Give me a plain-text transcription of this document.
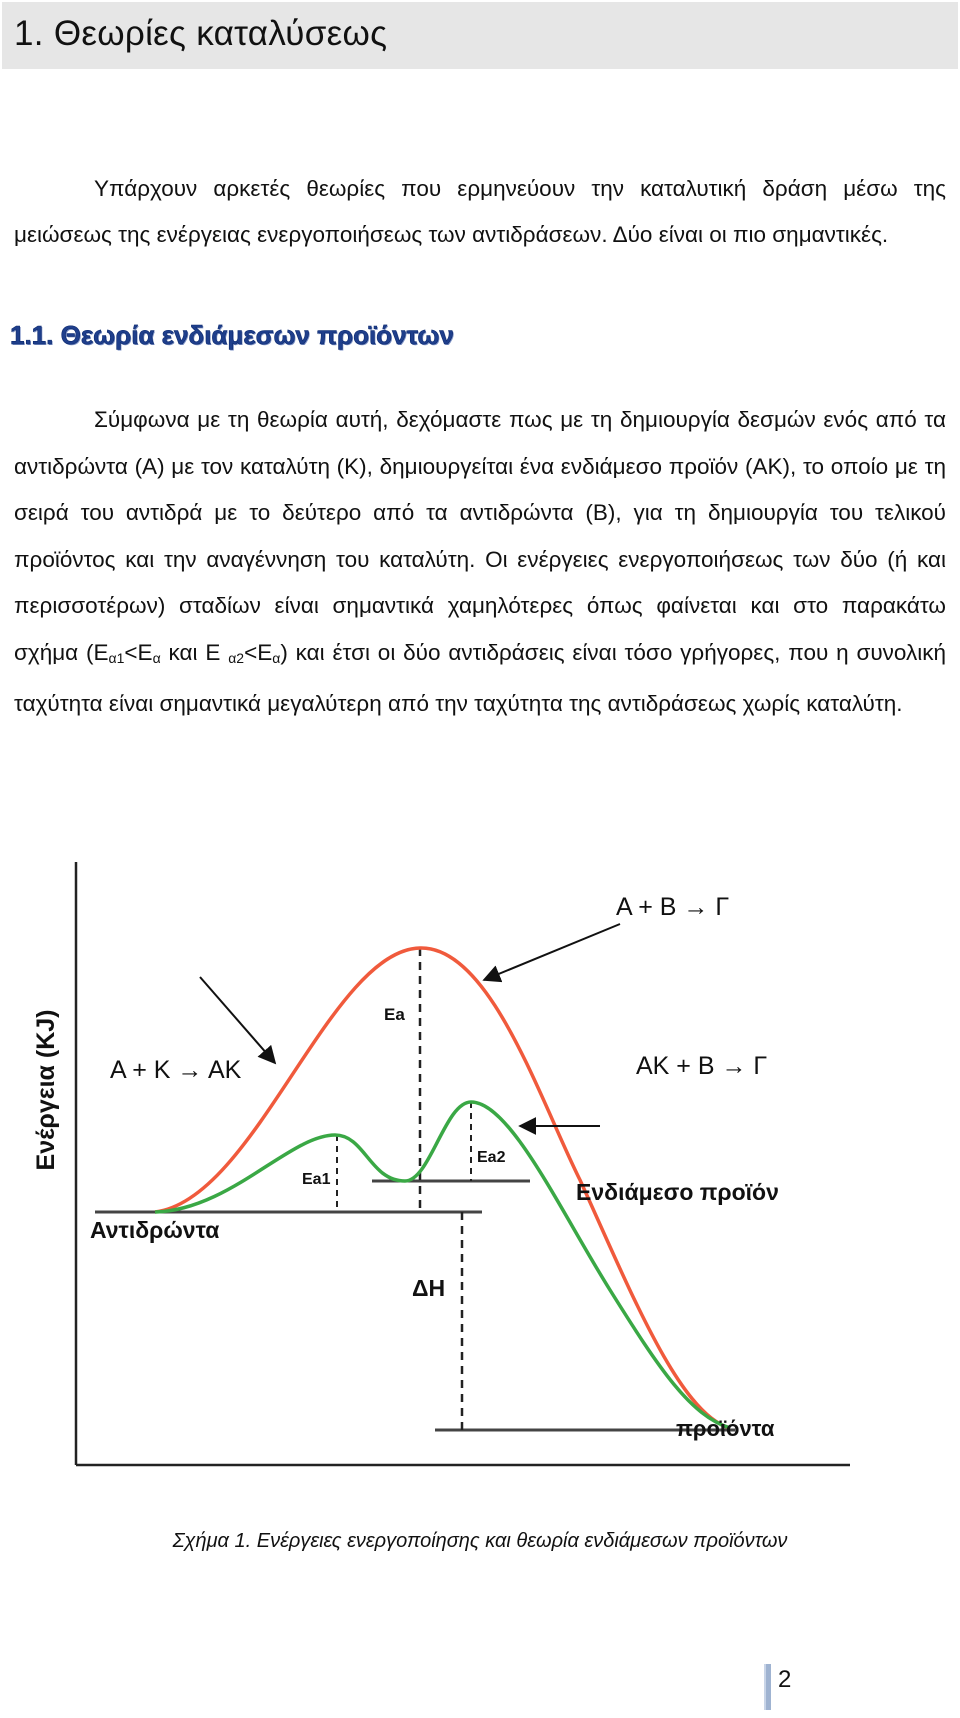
1. Θεωρίες καταλύσεως

Υπάρχουν αρκετές θεωρίες που ερμηνεύουν την καταλυτική δράση μέσω της μειώσεως της ενέργειας ενεργοποιήσεως των αντιδράσεων. Δύο είναι οι πιο σημαντικές.

1.1. Θεωρία ενδιάμεσων προϊόντων

Σύμφωνα με τη θεωρία αυτή, δεχόμαστε πως με τη δημιουργία δεσμών ενός από τα αντιδρώντα (Α) με τον καταλύτη (Κ), δημιουργείται ένα ενδιάμεσο προϊόν (ΑΚ), το οποίο με τη σειρά του αντιδρά με το δεύτερο από τα αντιδρώντα (Β), για τη δημιουργία του τελικού προϊόντος και την αναγέννηση του καταλύτη. Οι ενέργειες ενεργοποιήσεως των δύο (ή και περισσοτέρων) σταδίων είναι σημαντικά χαμηλότερες όπως φαίνεται και στο παρακάτω σχήμα ($E_{\alpha 1}<E_\alpha$ και Ε $_{\alpha 2}<E_\alpha$) και έτσι οι δύο αντιδράσεις είναι τόσο γρήγορες, που η συνολική ταχύτητα είναι σημαντικά μεγαλύτερη από την ταχύτητα της αντιδράσεως χωρίς καταλύτη.

Ενέργεια (KJ)
Α + Β → Γ
Α + Κ → ΑΚ	ΑΚ + Β → Γ
Ενδιάμεσο προϊόν
Αντιδρώντα
ΔΗ
προϊόντα
Ea
Ea1
Ea2

Σχήμα 1. Ενέργειες ενεργοποίησης και θεωρία ενδιάμεσων προϊόντων

2
